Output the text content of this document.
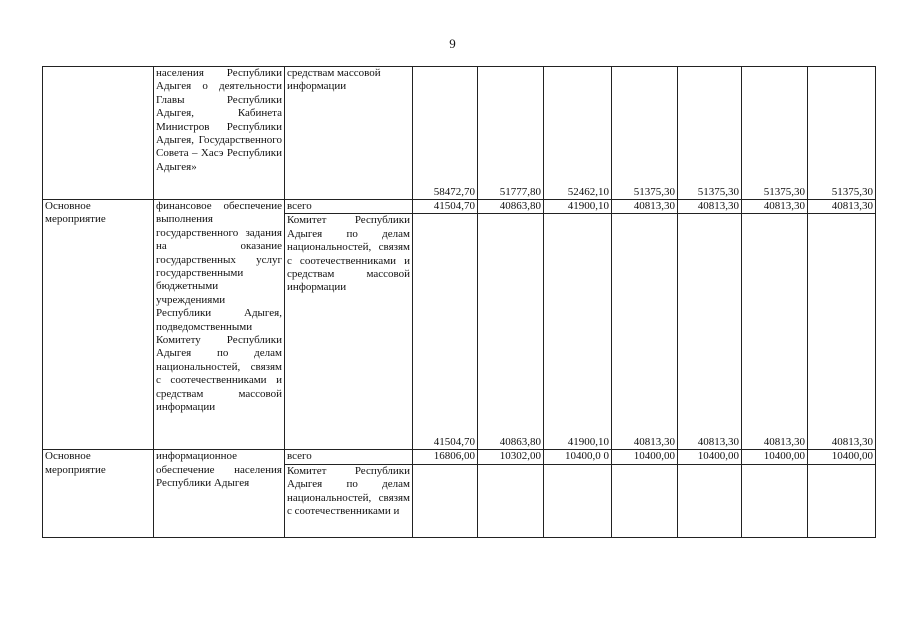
9
	населения Республики Адыгея о деятельности Главы Республики Адыгея, Кабинета Министров Республики Адыгея, Государственного Совета – Хасэ Республики Адыгея»	средствам массовой информации	58472,70	51777,80	52462,10	51375,30	51375,30	51375,30	51375,30
Основное мероприятие	финансовое обеспечение выполнения государственного задания на оказание государственных услуг государственными бюджетными учреждениями Республики Адыгея, подведомственными Комитету Республики Адыгея по делам национальностей, связям с соотечественниками и средствам массовой информации	всего	41504,70	40863,80	41900,10	40813,30	40813,30	40813,30	40813,30
		Комитет Республики Адыгея по делам национальностей, связям с соотечественниками и средствам массовой информации	41504,70	40863,80	41900,10	40813,30	40813,30	40813,30	40813,30
Основное мероприятие	информационное обеспечение населения Республики Адыгея	всего	16806,00	10302,00	10400,0 0	10400,00	10400,00	10400,00	10400,00
		Комитет Республики Адыгея по делам национальностей, связям с соотечественниками и							
